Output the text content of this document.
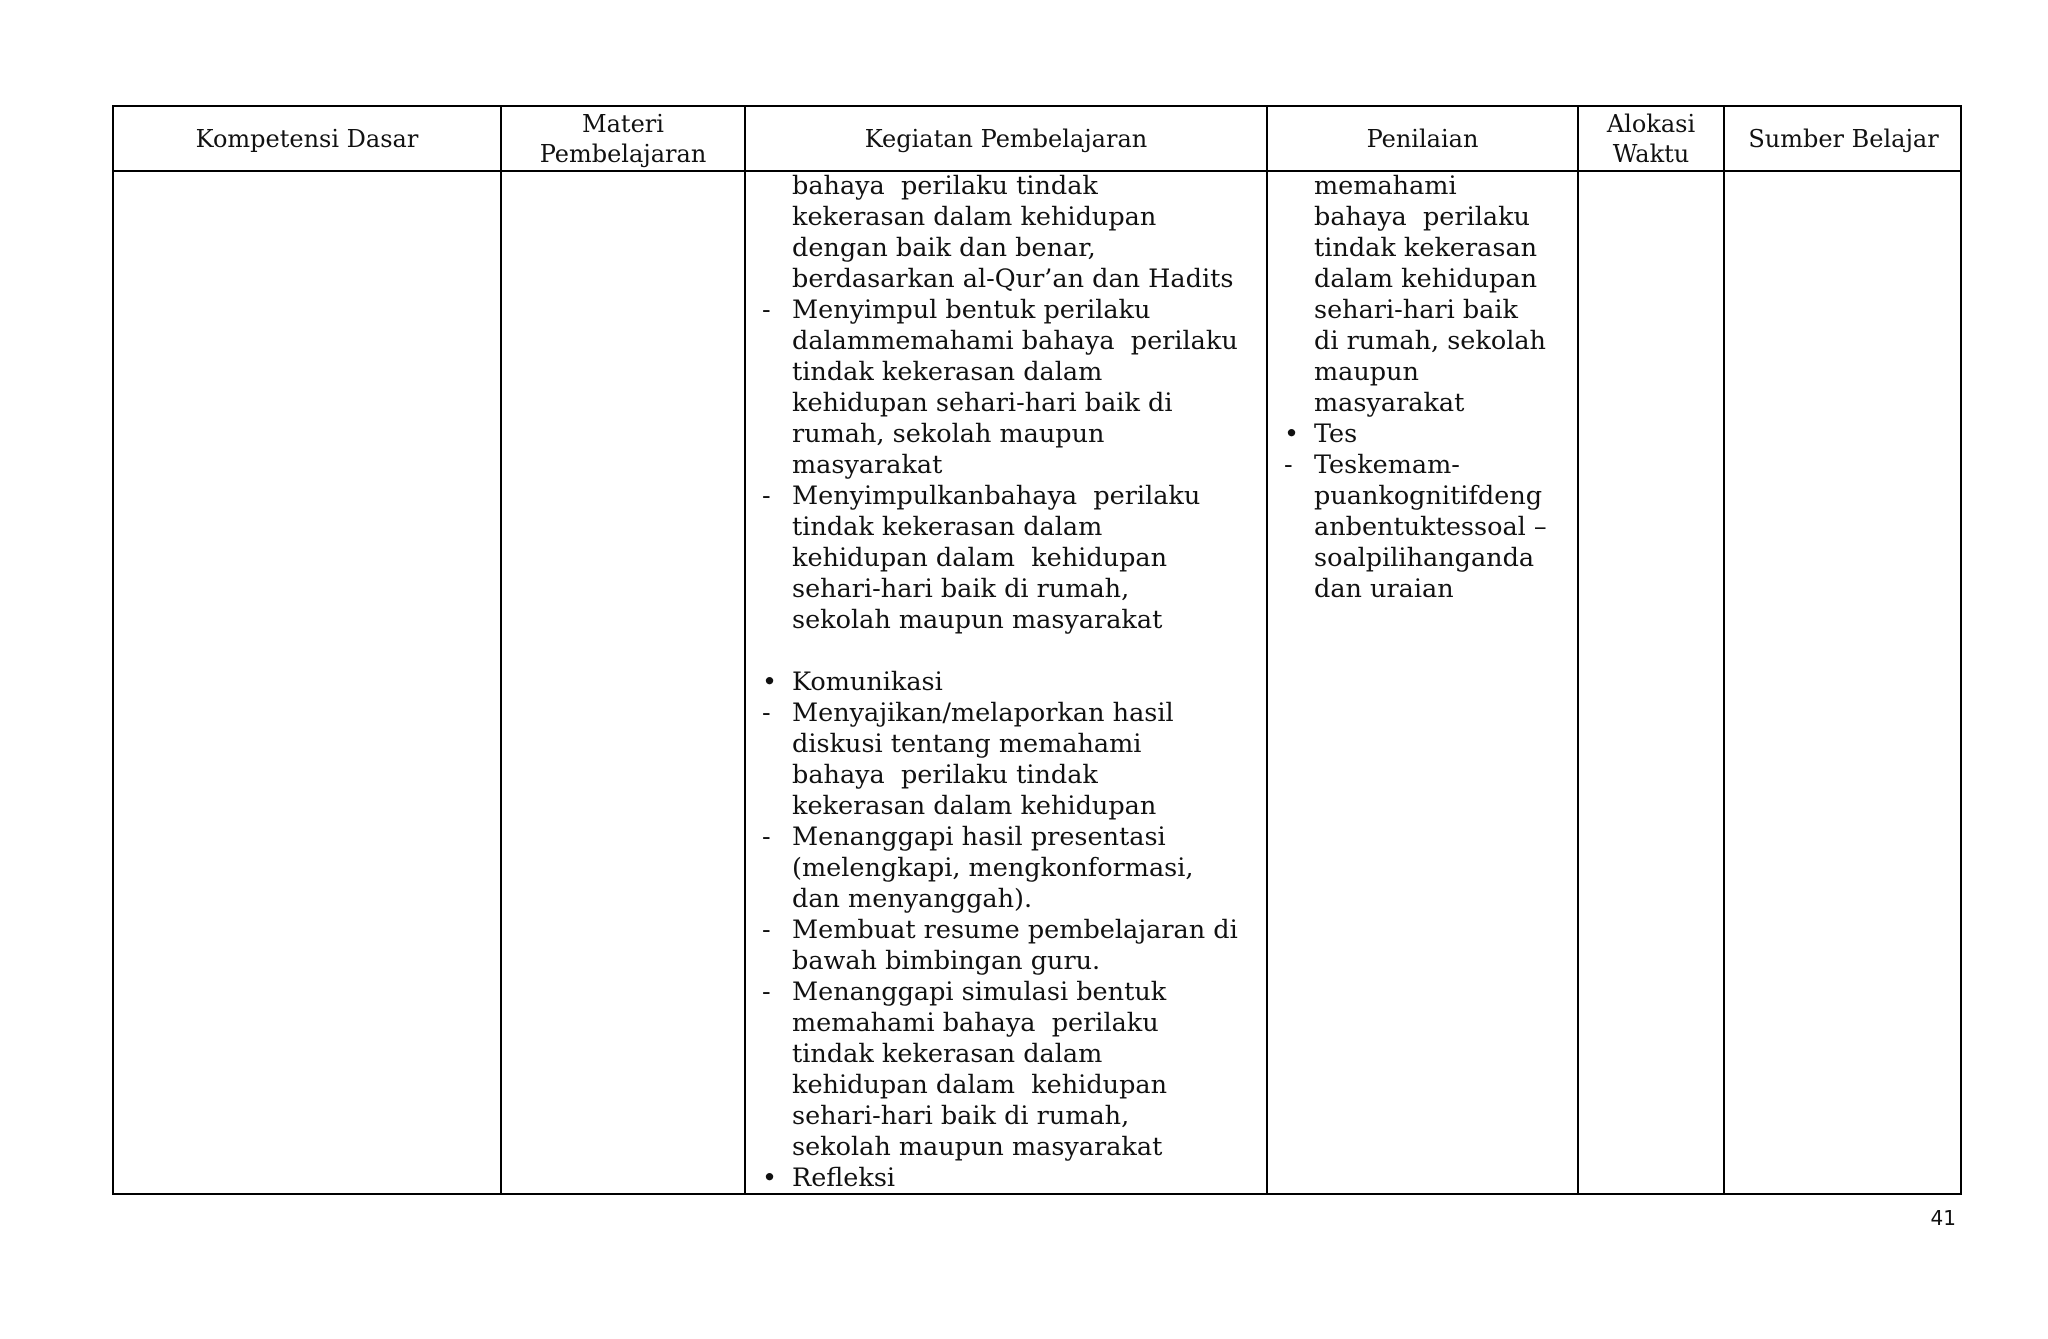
Kompetensi Dasar
Materi
Pembelajaran
Kegiatan Pembelajaran	Penilaian
Alokasi
Waktu
Sumber Belajar
bahaya  perilaku tindak
kekerasan dalam kehidupan
dengan baik dan benar,
berdasarkan al-Qur’an dan Hadits
- Menyimpul bentuk perilaku
dalammemahami bahaya  perilaku
tindak kekerasan dalam
kehidupan sehari-hari baik di
rumah, sekolah maupun
masyarakat
- Menyimpulkanbahaya  perilaku
tindak kekerasan dalam
kehidupan dalam  kehidupan
sehari-hari baik di rumah,
sekolah maupun masyarakat
• Komunikasi
- Menyajikan/melaporkan hasil
diskusi tentang memahami
bahaya  perilaku tindak
kekerasan dalam kehidupan
- Menanggapi hasil presentasi
(melengkapi, mengkonformasi,
dan menyanggah).
- Membuat resume pembelajaran di
bawah bimbingan guru.
- Menanggapi simulasi bentuk
memahami bahaya  perilaku
tindak kekerasan dalam
kehidupan dalam  kehidupan
sehari-hari baik di rumah,
sekolah maupun masyarakat
• Refleksi
memahami
bahaya  perilaku
tindak kekerasan
dalam kehidupan
sehari-hari baik
di rumah, sekolah
maupun
masyarakat
• Tes
- Teskemam-
puankognitifdeng
anbentuktessoal –
soalpilihanganda
dan uraian
41
